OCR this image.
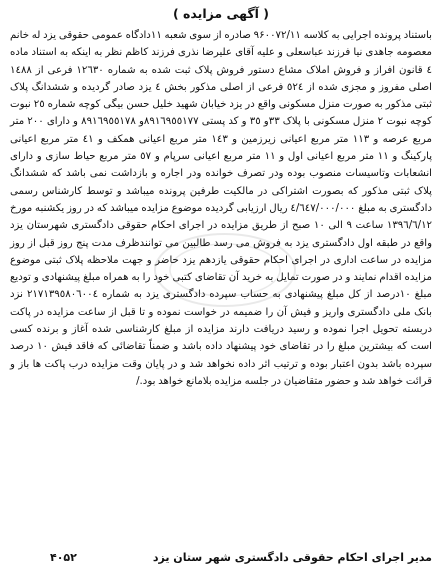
( آگهی مزایده )

باستناد پرونده اجرایی به کلاسه ۹۶۰۰۷۲/۱۱ صادره از سوی شعبه ۱۱دادگاه عمومی حقوقی یزد له خانم معصومه جاهدی نیا فرزند عباسعلی و علیه آقای علیرضا نذری فرزند کاظم نظر به اینکه به استناد ماده ٤ قانون افراز و فروش املاک مشاع دستور فروش پلاک ثبت شده به شماره ١٢٦٣٠ فرعی از ١٤٨٨ اصلی مفروز و مجزی شده از ٥٢٤ فرعی از اصلی مذکور بخش ٤ یزد صادر گردیده و ششدانگ پلاک ثبتی مذکور به صورت منزل مسکونی واقع در یزد خیابان شهید خلیل حسن بیگی کوچه شماره ٢٥ نبوت کوچه نبوت ٢ منزل مسکونی با پلاک ٣٣و ٣٥ و کد پستی ٨٩١٦٩٥٥١٧٧و ٨٩١٦٩٥٥١٧٨ و دارای ٢٠٠ متر مربع عرصه و ١١٣ متر مربع اعیانی زیرزمین و ١٤٣ متر مربع اعیانی همکف و ٤١ متر مربع اعیانی پارکینگ و ١١ متر مربع اعیانی اول و ١١ متر مربع اعیانی سرپام و ٥٧ متر مربع حیاط سازی و دارای انشعابات وتاسیسات منصوب بوده ودر تصرف خوانده ودر اجاره و بازداشت نمی باشد که ششدانگ پلاک ثبتی مذکور که بصورت اشتراکی در مالکیت طرفین پرونده میباشد و توسط کارشناس رسمی دادگستری به مبلغ ٤/٦٤٧/٠٠٠/٠٠٠ ریال ارزیابی گردیده موضوع مزایده میباشد که در روز یکشنبه مورخ ١٣٩٦/٦/١٢ ساعت ٩ الی ١٠ صبح از طریق مزایده در اجرای احکام حقوقی دادگستری شهرستان یزد واقع در طبقه اول دادگستری یزد به فروش می رسد طالبین می توانندظرف مدت پنج روز قبل از روز مزایده در ساعت اداری در اجرای احکام حقوقی یازدهم یزد حاضر و جهت ملاحظه پلاک ثبتی موضوع مزایده اقدام نمایند و در صورت تمایل به خرید آن تقاضای کتبی خود را به همراه مبلغ پیشنهادی و تودیع مبلغ ١٠درصد از کل مبلغ پیشنهادی به حساب سپرده دادگستری یزد به شماره ٢١٧١٣٩٥٨٠٦٠٠٤ نزد بانک ملی دادگستری واریز و فیش آن را ضمیمه در خواست نموده و تا قبل از ساعت مزایده در پاکت دربسته تحویل اجرا نموده و رسید دریافت دارند مزایده از مبلغ کارشناسی شده آغاز و برنده کسی است که بیشترین مبلغ را در تقاضای خود پیشنهاد داده باشد و ضمناً تقاضائی که فاقد فیش ١٠ درصد سپرده باشد بدون اعتبار بوده و ترتیب اثر داده نخواهد شد و در پایان وقت مزایده درب پاکت ها باز و قرائت خواهد شد و حضور متقاضیان در جلسه مزایده بلامانع خواهد بود./

مدیر اجرای احکام حقوقی دادگستری شهر ستان یزد
۴۰۵۲
